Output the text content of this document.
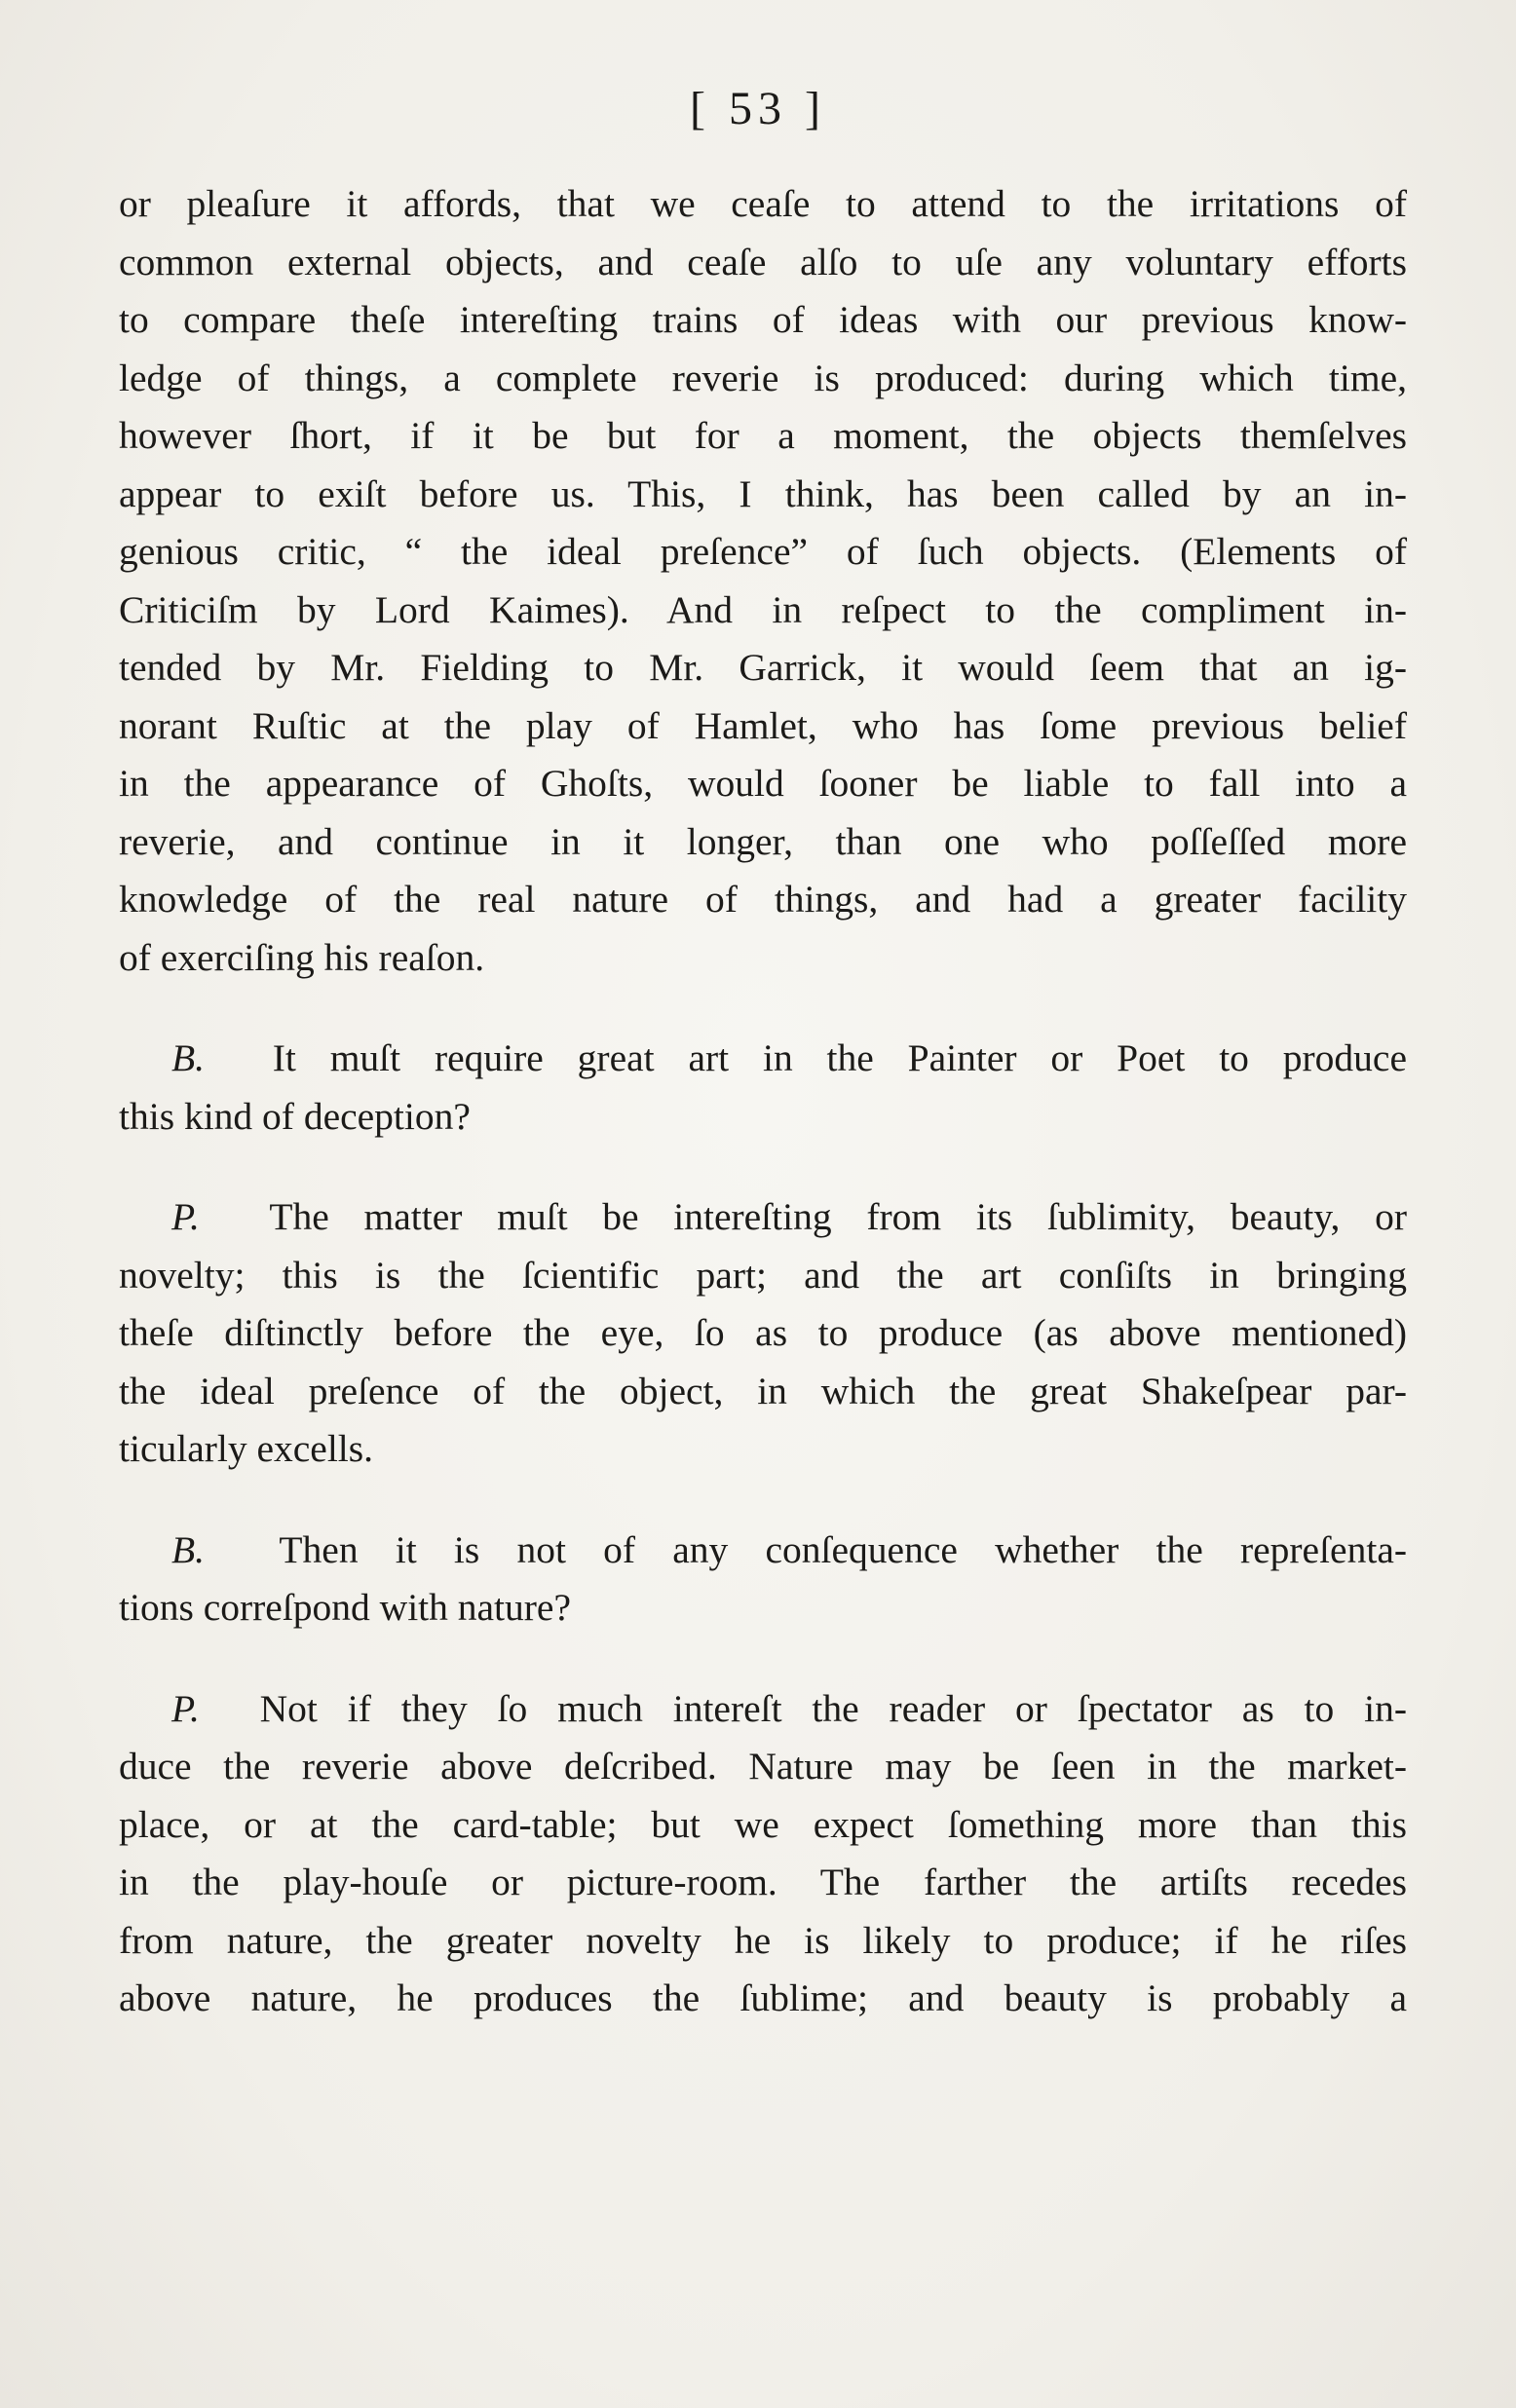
[ 53 ]
or pleaſure it affords, that we ceaſe to attend to the irritations of
common external objects, and ceaſe alſo to uſe any voluntary efforts
to compare theſe intereſting trains of ideas with our previous know-
ledge of things, a complete reverie is produced: during which time,
however ſhort, if it be but for a moment, the objects themſelves
appear to exiſt before us. This, I think, has been called by an in-
genious critic, “ the ideal preſence” of ſuch objects. (Elements of
Criticiſm by Lord Kaimes). And in reſpect to the compliment in-
tended by Mr. Fielding to Mr. Garrick, it would ſeem that an ig-
norant Ruſtic at the play of Hamlet, who has ſome previous belief
in the appearance of Ghoſts, would ſooner be liable to fall into a
reverie, and continue in it longer, than one who poſſeſſed more
knowledge of the real nature of things, and had a greater facility
of exerciſing his reaſon.
B. It muſt require great art in the Painter or Poet to produce
this kind of deception?
P. The matter muſt be intereſting from its ſublimity, beauty, or
novelty; this is the ſcientific part; and the art conſiſts in bringing
theſe diſtinctly before the eye, ſo as to produce (as above mentioned)
the ideal preſence of the object, in which the great Shakeſpear par-
ticularly excells.
B. Then it is not of any conſequence whether the repreſenta-
tions correſpond with nature?
P. Not if they ſo much intereſt the reader or ſpectator as to in-
duce the reverie above deſcribed. Nature may be ſeen in the market-
place, or at the card-table; but we expect ſomething more than this
in the play-houſe or picture-room. The farther the artiſts recedes
from nature, the greater novelty he is likely to produce; if he riſes
above nature, he produces the ſublime; and beauty is probably a
